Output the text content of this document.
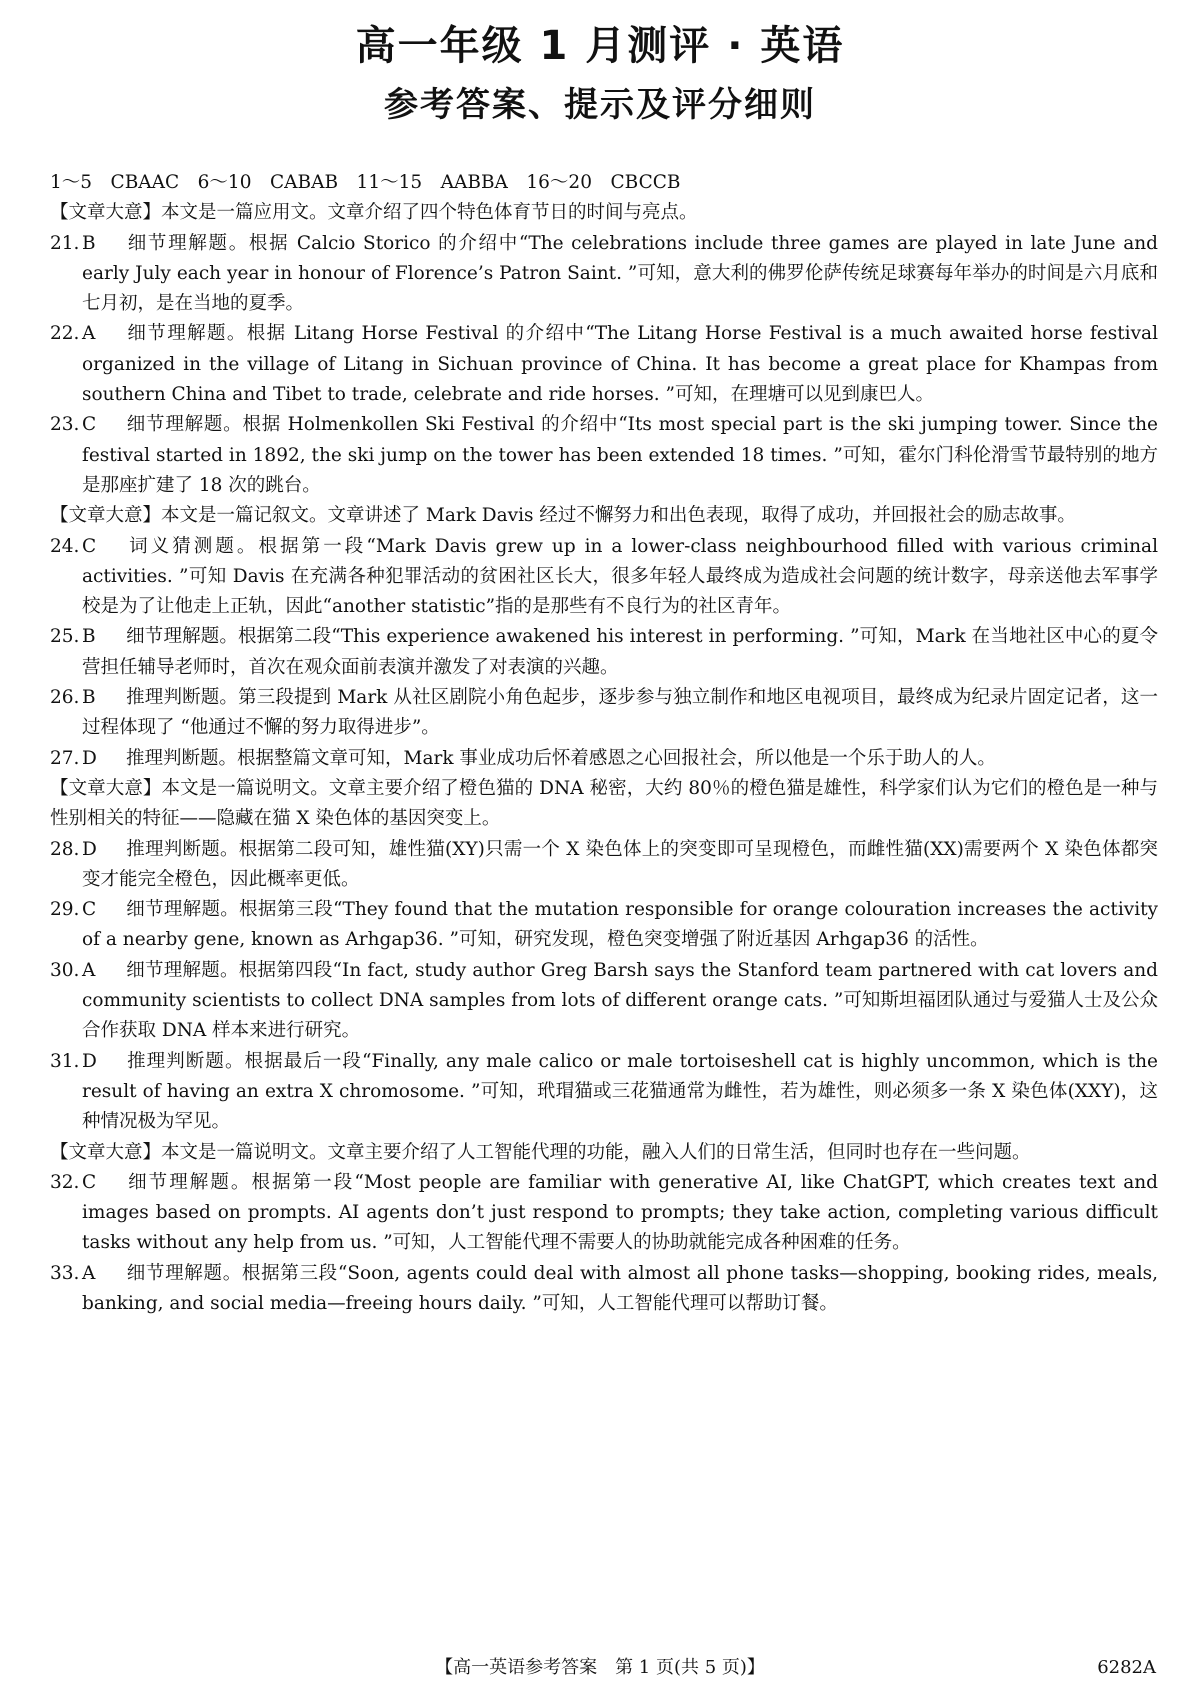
高一年级 1 月测评 · 英语
参考答案、提示及评分细则

1～5　CBAAC　6～10　CABAB　11～15　AABBA　16～20　CBCCB

【文章大意】本文是一篇应用文。文章介绍了四个特色体育节日的时间与亮点。

21. B 细节理解题。根据 Calcio Storico 的介绍中“The celebrations include three games are played in late June and early July each year in honour of Florence’s Patron Saint. ”可知，意大利的佛罗伦萨传统足球赛每年举办的时间是六月底和七月初，是在当地的夏季。

22. A 细节理解题。根据 Litang Horse Festival 的介绍中“The Litang Horse Festival is a much awaited horse festival organized in the village of Litang in Sichuan province of China. It has become a great place for Khampas from southern China and Tibet to trade, celebrate and ride horses. ”可知，在理塘可以见到康巴人。

23. C 细节理解题。根据 Holmenkollen Ski Festival 的介绍中“Its most special part is the ski jumping tower. Since the festival started in 1892, the ski jump on the tower has been extended 18 times. ”可知，霍尔门科伦滑雪节最特别的地方是那座扩建了 18 次的跳台。

【文章大意】本文是一篇记叙文。文章讲述了 Mark Davis 经过不懈努力和出色表现，取得了成功，并回报社会的励志故事。

24. C 词义猜测题。根据第一段“Mark Davis grew up in a lower-class neighbourhood filled with various criminal activities. ”可知 Davis 在充满各种犯罪活动的贫困社区长大，很多年轻人最终成为造成社会问题的统计数字，母亲送他去军事学校是为了让他走上正轨，因此“another statistic”指的是那些有不良行为的社区青年。

25. B 细节理解题。根据第二段“This experience awakened his interest in performing. ”可知，Mark 在当地社区中心的夏令营担任辅导老师时，首次在观众面前表演并激发了对表演的兴趣。

26. B 推理判断题。第三段提到 Mark 从社区剧院小角色起步，逐步参与独立制作和地区电视项目，最终成为纪录片固定记者，这一过程体现了 “他通过不懈的努力取得进步”。

27. D 推理判断题。根据整篇文章可知，Mark 事业成功后怀着感恩之心回报社会，所以他是一个乐于助人的人。

【文章大意】本文是一篇说明文。文章主要介绍了橙色猫的 DNA 秘密，大约 80％的橙色猫是雄性，科学家们认为它们的橙色是一种与性别相关的特征——隐藏在猫 X 染色体的基因突变上。

28. D 推理判断题。根据第二段可知，雄性猫(XY)只需一个 X 染色体上的突变即可呈现橙色，而雌性猫(XX)需要两个 X 染色体都突变才能完全橙色，因此概率更低。

29. C 细节理解题。根据第三段“They found that the mutation responsible for orange colouration increases the activity of a nearby gene, known as Arhgap36. ”可知，研究发现，橙色突变增强了附近基因 Arhgap36 的活性。

30. A 细节理解题。根据第四段“In fact, study author Greg Barsh says the Stanford team partnered with cat lovers and community scientists to collect DNA samples from lots of different orange cats. ”可知斯坦福团队通过与爱猫人士及公众合作获取 DNA 样本来进行研究。

31. D 推理判断题。根据最后一段“Finally, any male calico or male tortoiseshell cat is highly uncommon, which is the result of having an extra X chromosome. ”可知，玳瑁猫或三花猫通常为雌性，若为雄性，则必须多一条 X 染色体(XXY)，这种情况极为罕见。

【文章大意】本文是一篇说明文。文章主要介绍了人工智能代理的功能，融入人们的日常生活，但同时也存在一些问题。

32. C 细节理解题。根据第一段“Most people are familiar with generative AI, like ChatGPT, which creates text and images based on prompts. AI agents don’t just respond to prompts; they take action, completing various difficult tasks without any help from us. ”可知，人工智能代理不需要人的协助就能完成各种困难的任务。

33. A 细节理解题。根据第三段“Soon, agents could deal with almost all phone tasks—shopping, booking rides, meals, banking, and social media—freeing hours daily. ”可知，人工智能代理可以帮助订餐。

【高一英语参考答案　第 1 页(共 5 页)】	6282A
